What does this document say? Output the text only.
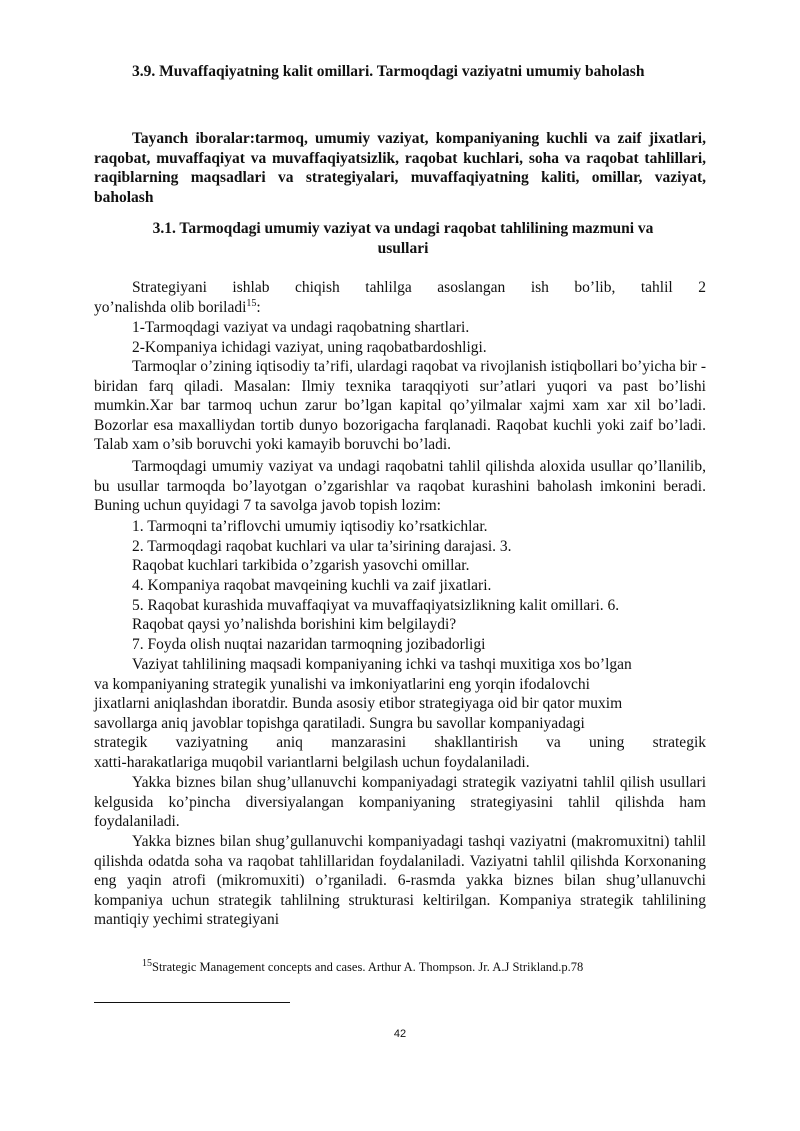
3.9. Muvaffaqiyatning kalit omillari. Tarmoqdagi vaziyatni umumiy baholash
Tayanch iboralar:tarmoq, umumiy vaziyat, kompaniyaning kuchli va zaif jixatlari, raqobat, muvaffaqiyat va muvaffaqiyatsizlik, raqobat kuchlari, soha va raqobat tahlillari, raqiblarning maqsadlari va strategiyalari, muvaffaqiyatning kaliti, omillar, vaziyat, baholash
3.1. Tarmoqdagi umumiy vaziyat va undagi raqobat tahlilining mazmuni va usullari
Strategiyani ishlab chiqish tahlilga asoslangan ish bo’lib, tahlil 2
yo’nalishda olib boriladi$^{15}$:
1-Tarmoqdagi vaziyat va undagi raqobatning shartlari.
2-Kompaniya ichidagi vaziyat, uning raqobatbardoshligi.
Tarmoqlar o’zining iqtisodiy ta’rifi, ulardagi raqobat va rivojlanish istiqbollari bo’yicha bir - biridan farq qiladi. Masalan: Ilmiy texnika taraqqiyoti sur’atlari yuqori va past bo’lishi mumkin.Xar bar tarmoq uchun zarur bo’lgan kapital qo’yilmalar xajmi xam xar xil bo’ladi. Bozorlar esa maxalliydan tortib dunyo bozorigacha farqlanadi. Raqobat kuchli yoki zaif bo’ladi. Talab xam o’sib boruvchi yoki kamayib boruvchi bo’ladi.
Tarmoqdagi umumiy vaziyat va undagi raqobatni tahlil qilishda aloxida usullar qo’llanilib, bu usullar tarmoqda bo’layotgan o’zgarishlar va raqobat kurashini baholash imkonini beradi. Buning uchun quyidagi 7 ta savolga javob topish lozim:
1. Tarmoqni ta’riflovchi umumiy iqtisodiy ko’rsatkichlar.
2. Tarmoqdagi raqobat kuchlari va ular ta’sirining darajasi. 3.
Raqobat kuchlari tarkibida o’zgarish yasovchi omillar.
4. Kompaniya raqobat mavqeining kuchli va zaif jixatlari.
5. Raqobat kurashida muvaffaqiyat va muvaffaqiyatsizlikning kalit omillari. 6.
Raqobat qaysi yo’nalishda borishini kim belgilaydi?
7. Foyda olish nuqtai nazaridan tarmoqning jozibadorligi
Vaziyat tahlilining maqsadi kompaniyaning ichki va tashqi muxitiga xos bo’lgan
va kompaniyaning strategik yunalishi va imkoniyatlarini eng yorqin ifodalovchi
jixatlarni aniqlashdan iboratdir. Bunda asosiy etibor strategiyaga oid bir qator muxim
savollarga aniq javoblar topishga qaratiladi. Sungra bu savollar kompaniyadagi
strategik vaziyatning aniq manzarasini shakllantirish va uning strategik
xatti-harakatlariga muqobil variantlarni belgilash uchun foydalaniladi.
Yakka biznes bilan shug’ullanuvchi kompaniyadagi strategik vaziyatni tahlil qilish usullari kelgusida ko’pincha diversiyalangan kompaniyaning strategiyasini tahlil qilishda ham foydalaniladi.
Yakka biznes bilan shug’gullanuvchi kompaniyadagi tashqi vaziyatni (makromuxitni) tahlil qilishda odatda soha va raqobat tahlillaridan foydalaniladi. Vaziyatni tahlil qilishda Korxonaning eng yaqin atrofi (mikromuxiti) o’rganiladi. 6-rasmda yakka biznes bilan shug’ullanuvchi kompaniya uchun strategik tahlilning strukturasi keltirilgan. Kompaniya strategik tahlilining mantiqiy yechimi strategiyani
$^{15}$Strategic Management concepts and cases. Arthur A. Thompson. Jr. A.J Strikland.p.78
42
